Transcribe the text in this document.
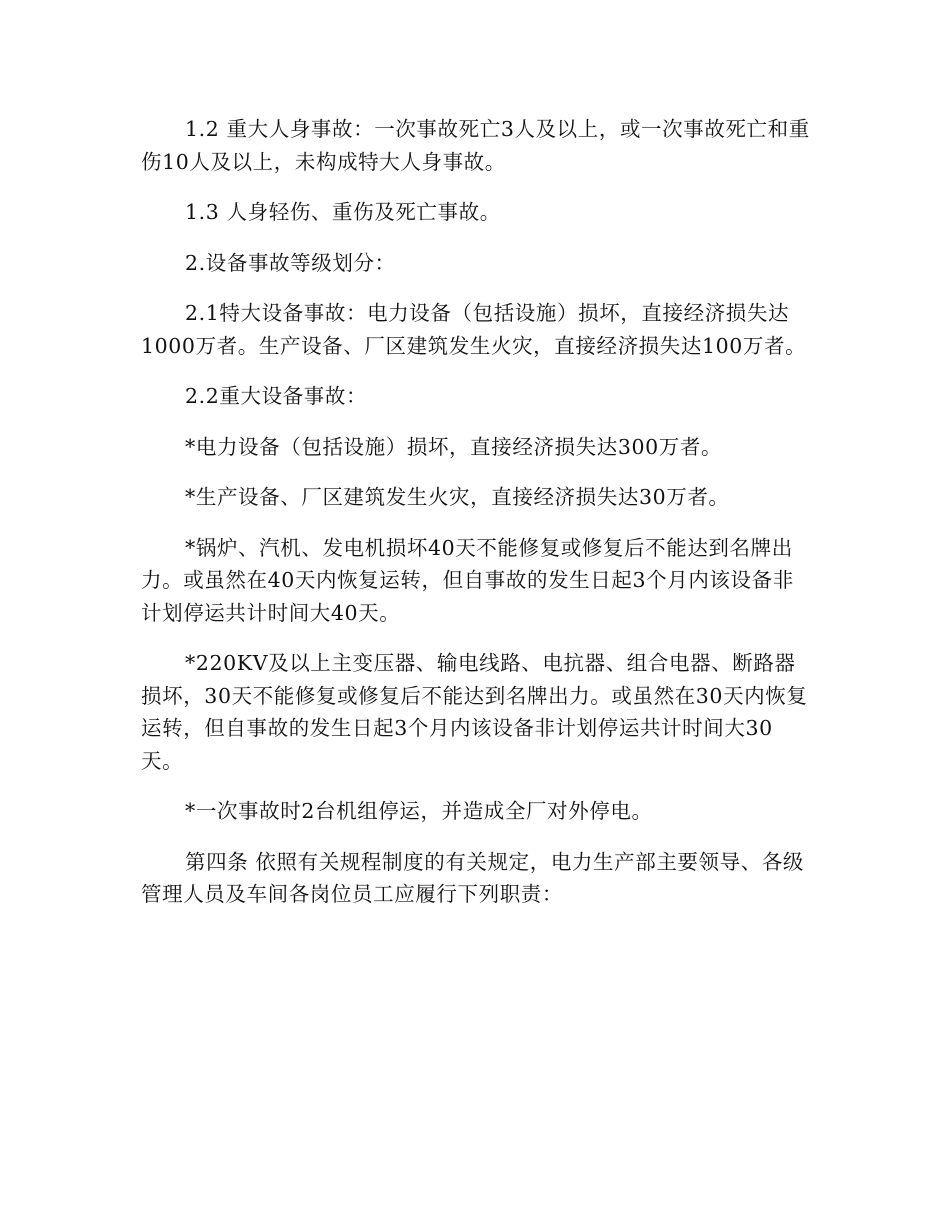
1.2 重大人身事故：一次事故死亡3人及以上，或一次事故死亡和重伤10人及以上，未构成特大人身事故。

1.3 人身轻伤、重伤及死亡事故。

2.设备事故等级划分：

2.1特大设备事故：电力设备（包括设施）损坏，直接经济损失达1000万者。生产设备、厂区建筑发生火灾，直接经济损失达100万者。

2.2重大设备事故：

*电力设备（包括设施）损坏，直接经济损失达300万者。

*生产设备、厂区建筑发生火灾，直接经济损失达30万者。

*锅炉、汽机、发电机损坏40天不能修复或修复后不能达到名牌出力。或虽然在40天内恢复运转，但自事故的发生日起3个月内该设备非计划停运共计时间大40天。

*220KV及以上主变压器、输电线路、电抗器、组合电器、断路器损坏，30天不能修复或修复后不能达到名牌出力。或虽然在30天内恢复运转，但自事故的发生日起3个月内该设备非计划停运共计时间大30天。

*一次事故时2台机组停运，并造成全厂对外停电。

第四条 依照有关规程制度的有关规定，电力生产部主要领导、各级管理人员及车间各岗位员工应履行下列职责：
